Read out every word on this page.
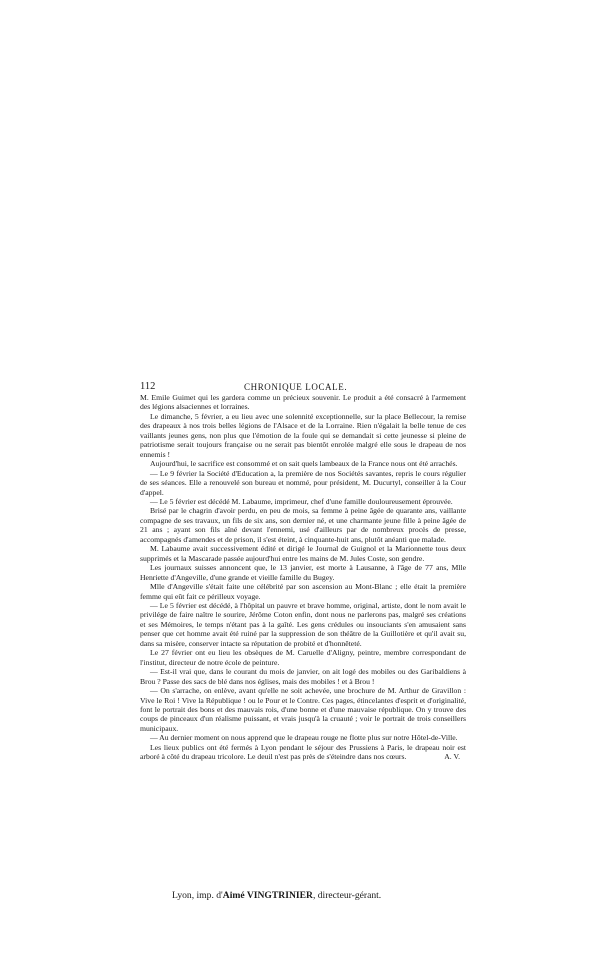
112	CHRONIQUE LOCALE.

M. Emile Guimet qui les gardera comme un précieux souvenir. Le produit a été consacré à l'armement des légions alsaciennes et lorraines.

Le dimanche, 5 février, a eu lieu avec une solennité exceptionnelle, sur la place Bellecour, la remise des drapeaux à nos trois belles légions de l'Alsace et de la Lorraine. Rien n'égalait la belle tenue de ces vaillants jeunes gens, non plus que l'émotion de la foule qui se demandait si cette jeunesse si pleine de patriotisme serait toujours française ou ne serait pas bientôt enrolée malgré elle sous le drapeau de nos ennemis !

Aujourd'hui, le sacrifice est consommé et on sait quels lambeaux de la France nous ont été arrachés.

— Le 9 février la Société d'Education a, la première de nos Sociétés savantes, repris le cours régulier de ses séances. Elle a renouvelé son bureau et nommé, pour président, M. Ducurtyl, conseiller à la Cour d'appel.

— Le 5 février est décédé M. Labaume, imprimeur, chef d'une famille douloureusement éprouvée.

Brisé par le chagrin d'avoir perdu, en peu de mois, sa femme à peine âgée de quarante ans, vaillante compagne de ses travaux, un fils de six ans, son dernier né, et une charmante jeune fille à peine âgée de 21 ans ; ayant son fils aîné devant l'ennemi, usé d'ailleurs par de nombreux procès de presse, accompagnés d'amendes et de prison, il s'est éteint, à cinquante-huit ans, plutôt anéanti que malade.

M. Labaume avait successivement édité et dirigé le Journal de Guignol et la Marionnette tous deux supprimés et la Mascarade passée aujourd'hui entre les mains de M. Jules Coste, son gendre.

Les journaux suisses annoncent que, le 13 janvier, est morte à Lausanne, à l'âge de 77 ans, Mlle Henriette d'Angeville, d'une grande et vieille famille du Bugey.

Mlle d'Angeville s'était faite une célébrité par son ascension au Mont-Blanc ; elle était la première femme qui eût fait ce périlleux voyage.

— Le 5 février est décédé, à l'hôpital un pauvre et brave homme, original, artiste, dont le nom avait le privilége de faire naître le sourire, Jérôme Coton enfin, dont nous ne parlerons pas, malgré ses créations et ses Mémoires, le temps n'étant pas à la gaîté. Les gens crédules ou insouciants s'en amusaient sans penser que cet homme avait été ruiné par la suppression de son théâtre de la Guillotière et qu'il avait su, dans sa misère, conserver intacte sa réputation de probité et d'honnêteté.

Le 27 février ont eu lieu les obsèques de M. Caruelle d'Aligny, peintre, membre correspondant de l'institut, directeur de notre école de peinture.

— Est-il vrai que, dans le courant du mois de janvier, on ait logé des mobiles ou des Garibaldiens à Brou ? Passe des sacs de blé dans nos églises, mais des mobiles ! et à Brou !

— On s'arrache, on enlève, avant qu'elle ne soit achevée, une brochure de M. Arthur de Gravillon : Vive le Roi ! Vive la République ! ou le Pour et le Contre. Ces pages, étincelantes d'esprit et d'originalité, font le portrait des bons et des mauvais rois, d'une bonne et d'une mauvaise république. On y trouve des coups de pinceaux d'un réalisme puissant, et vrais jusqu'à la cruauté ; voir le portrait de trois conseillers municipaux.

— Au dernier moment on nous apprend que le drapeau rouge ne flotte plus sur notre Hôtel-de-Ville.

Les lieux publics ont été fermés à Lyon pendant le séjour des Prussiens à Paris, le drapeau noir est arboré à côté du drapeau tricolore. Le deuil n'est pas près de s'éteindre dans nos cœurs.	A. V.

Lyon, imp. d'Aimé VINGTRINIER, directeur-gérant.
